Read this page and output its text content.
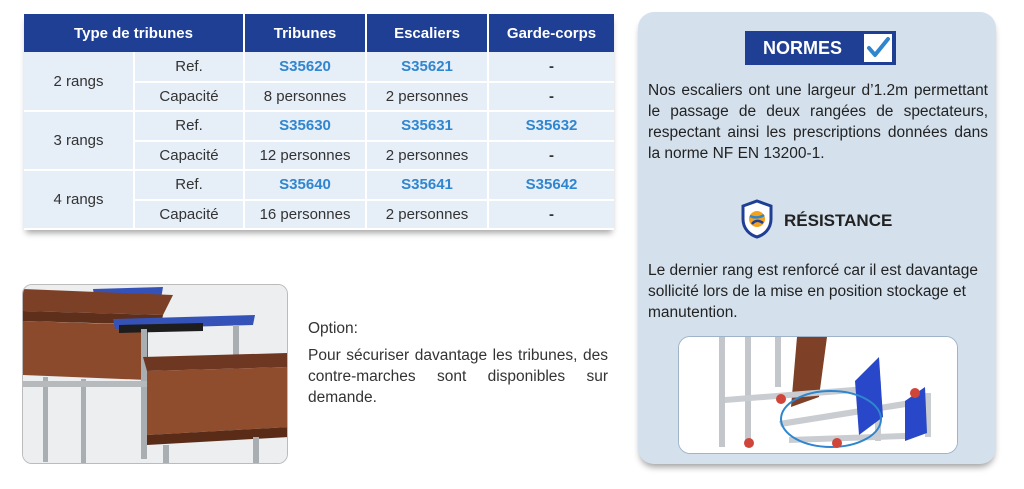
Type de tribunes		Tribunes	Escaliers	Garde-corps
2 rangs	Ref.	S35620	S35621	-
	Capacité	8 personnes	2 personnes	-
3 rangs	Ref.	S35630	S35631	S35632
	Capacité	12 personnes	2 personnes	-
4 rangs	Ref.	S35640	S35641	S35642
	Capacité	16 personnes	2 personnes	-

Option:

Pour sécuriser davantage les tribunes, des contre-marches sont disponibles sur demande.

NORMES

Nos escaliers ont une largeur d’1.2m permettant le passage de deux rangées de spectateurs, respectant ainsi les prescriptions données dans la norme NF EN 13200-1.

RÉSISTANCE

Le dernier rang est renforcé car il est davantage sollicité lors de la mise en position stockage et manutention.
